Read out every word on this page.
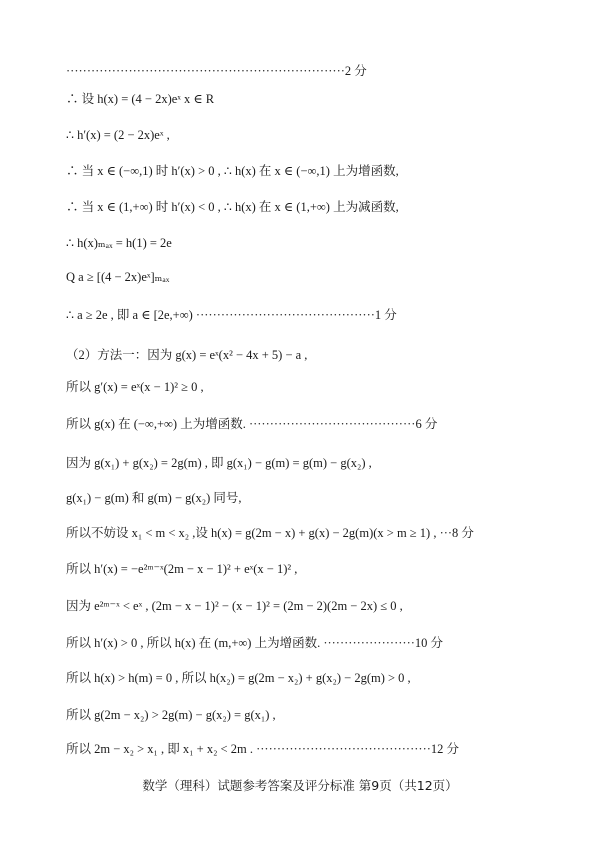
···································································2 分
∴ 设 h(x) = (4 − 2x)eˣ x ∈ R
∴ h′(x) = (2 − 2x)eˣ ,
∴ 当 x ∈ (−∞,1) 时 h′(x) > 0 , ∴ h(x) 在 x ∈ (−∞,1) 上为增函数,
∴ 当 x ∈ (1,+∞) 时 h′(x) < 0 , ∴ h(x) 在 x ∈ (1,+∞) 上为减函数,
∴ h(x)ₘₐₓ = h(1) = 2e
Q a ≥ [(4 − 2x)eˣ]ₘₐₓ
∴ a ≥ 2e , 即 a ∈ [2e,+∞) ···········································1 分
（2）方法一：因为 g(x) = eˣ(x² − 4x + 5) − a ,
所以 g′(x) = eˣ(x − 1)² ≥ 0 ,
所以 g(x) 在 (−∞,+∞) 上为增函数. ········································6 分
因为 g(x₁) + g(x₂) = 2g(m) , 即 g(x₁) − g(m) = g(m) − g(x₂) ,
g(x₁) − g(m) 和 g(m) − g(x₂) 同号,
所以不妨设 x₁ < m < x₂ ,设 h(x) = g(2m − x) + g(x) − 2g(m)(x > m ≥ 1) , ···8 分
所以 h′(x) = −e²ᵐ⁻ˣ(2m − x − 1)² + eˣ(x − 1)² ,
因为 e²ᵐ⁻ˣ < eˣ , (2m − x − 1)² − (x − 1)² = (2m − 2)(2m − 2x) ≤ 0 ,
所以 h′(x) > 0 , 所以 h(x) 在 (m,+∞) 上为增函数. ······················10 分
所以 h(x) > h(m) = 0 , 所以 h(x₂) = g(2m − x₂) + g(x₂) − 2g(m) > 0 ,
所以 g(2m − x₂) > 2g(m) − g(x₂) = g(x₁) ,
所以 2m − x₂ > x₁ , 即 x₁ + x₂ < 2m . ··········································12 分
数学（理科）试题参考答案及评分标准 第9页（共12页）
